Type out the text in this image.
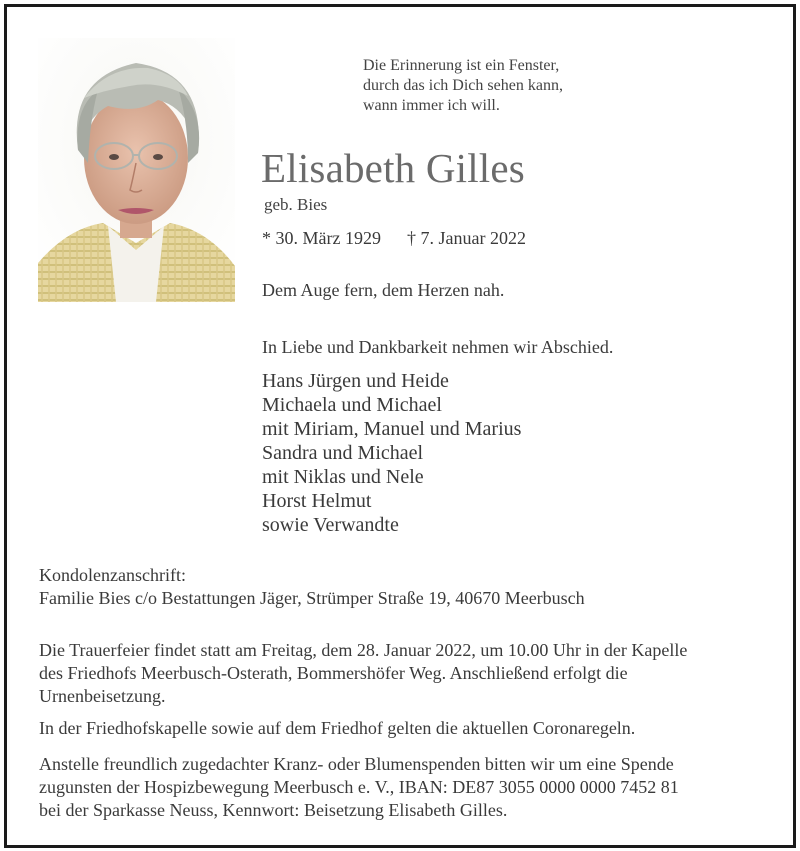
Die Erinnerung ist ein Fenster,
durch das ich Dich sehen kann,
wann immer ich will.
Elisabeth Gilles
geb. Bies
* 30. März 1929 † 7. Januar 2022
Dem Auge fern, dem Herzen nah.
In Liebe und Dankbarkeit nehmen wir Abschied.
Hans Jürgen und Heide
Michaela und Michael
mit Miriam, Manuel und Marius
Sandra und Michael
mit Niklas und Nele
Horst Helmut
sowie Verwandte
Kondolenzanschrift:
Familie Bies c/o Bestattungen Jäger, Strümper Straße 19, 40670 Meerbusch
Die Trauerfeier findet statt am Freitag, dem 28. Januar 2022, um 10.00 Uhr in der Kapelle
des Friedhofs Meerbusch-Osterath, Bommershöfer Weg. Anschließend erfolgt die
Urnenbeisetzung.
In der Friedhofskapelle sowie auf dem Friedhof gelten die aktuellen Coronaregeln.
Anstelle freundlich zugedachter Kranz- oder Blumenspenden bitten wir um eine Spende
zugunsten der Hospizbewegung Meerbusch e. V., IBAN: DE87 3055 0000 0000 7452 81
bei der Sparkasse Neuss, Kennwort: Beisetzung Elisabeth Gilles.
